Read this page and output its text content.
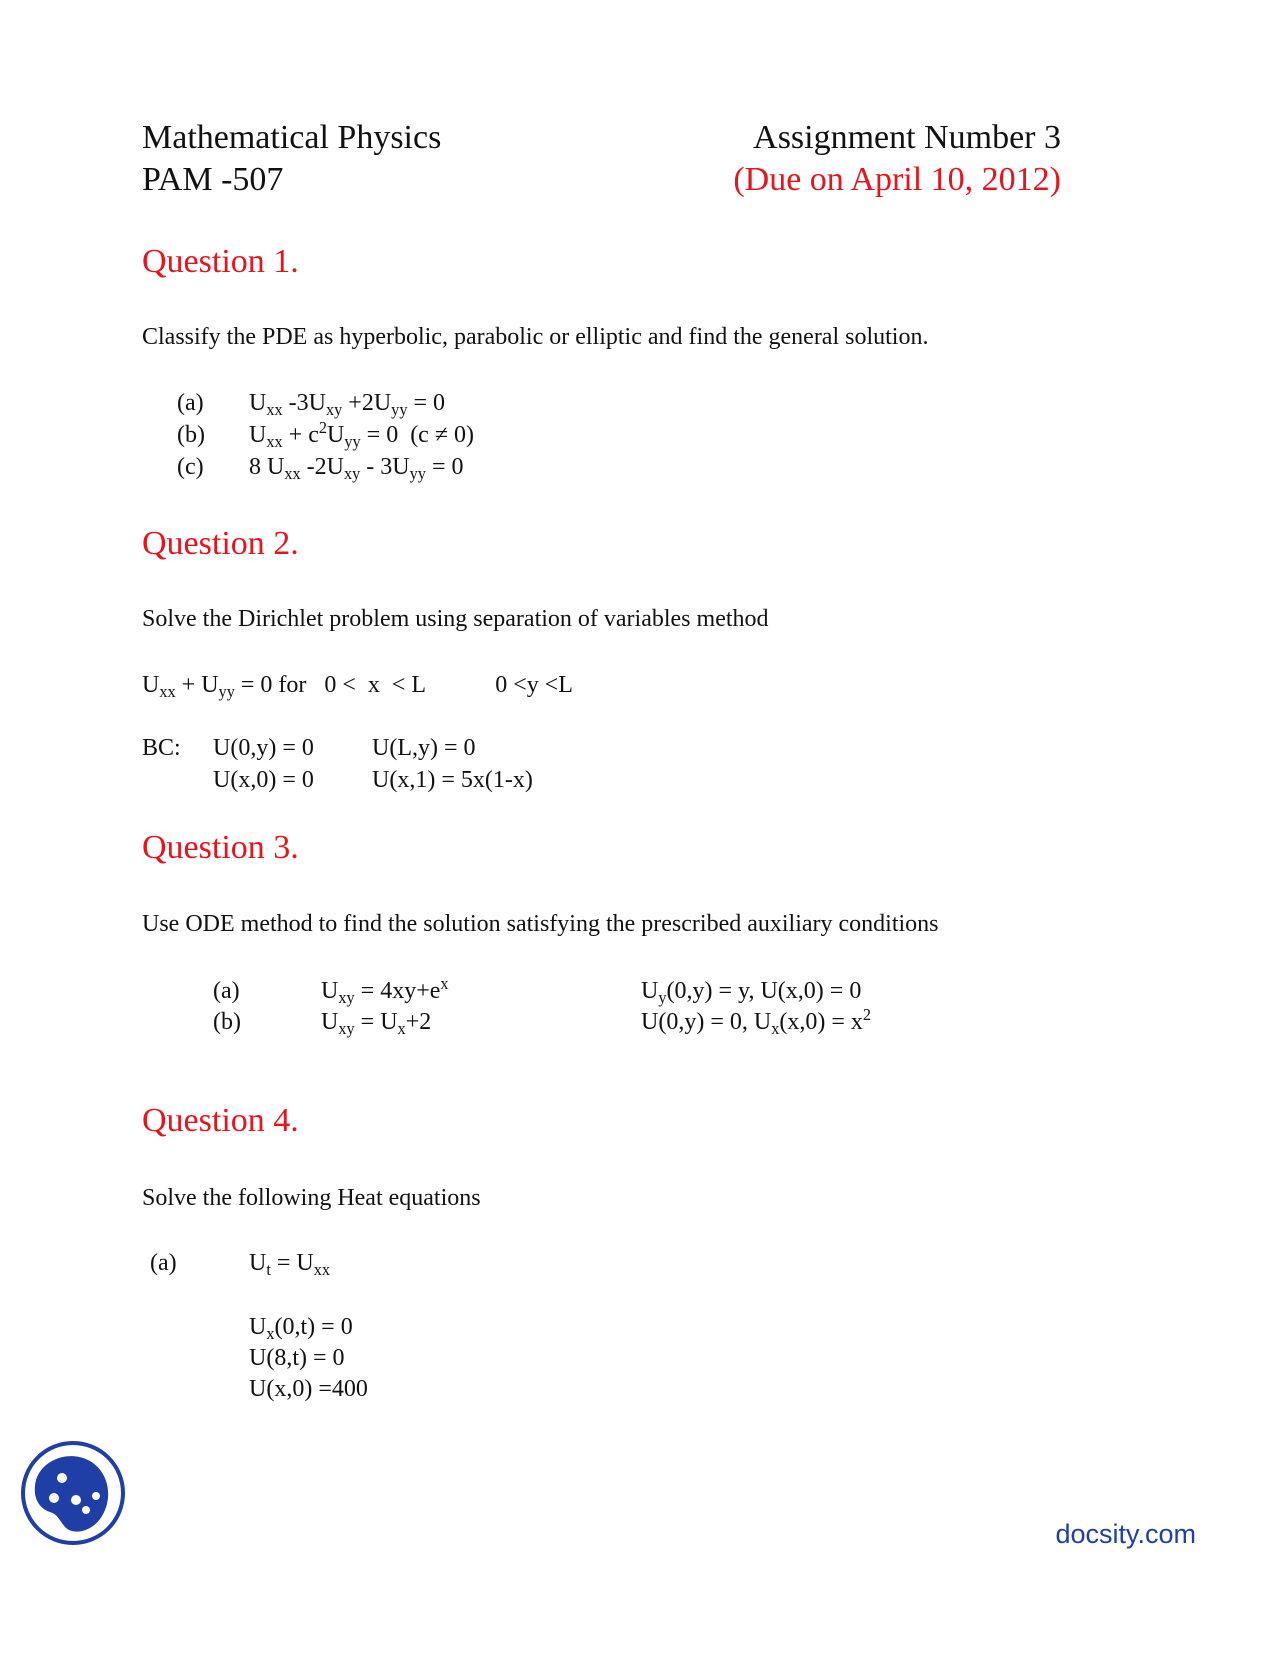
Mathematical Physics
PAM -507
Assignment Number 3
(Due on April 10, 2012)
Question 1.
Classify the PDE as hyperbolic, parabolic or elliptic and find the general solution.
(a) $U_{xx}$ $-3U_{xy} +2U_{yy} = 0$
(b) $U_{xx} + c^2U_{yy} = 0$  (c ≠ 0)
(c) 8 $U_{xx}$ $-2U_{xy} - 3U_{yy} = 0$
Question 2.
Solve the Dirichlet problem using separation of variables method
$U_{xx} + U_{yy} = 0$ for   0 <  x  < L  0 <y <L
BC: U(0,y) = 0 U(L,y) = 0
U(x,0) = 0 U(x,1) = 5x(1-x)
Question 3.
Use ODE method to find the solution satisfying the prescribed auxiliary conditions
(a)	$U_{xy} = 4xy+e^x$	$U_y(0,y) = y$, U(x,0) = 0
(b)	$U_{xy} = U_x+2$	U(0,y) = 0, $U_x(x,0) = x^2$
Question 4.
Solve the following Heat equations
(a)	$U_t = U_{xx}$
$U_x(0,t) = 0$
U(8,t) = 0
U(x,0) =400
docsity.com
